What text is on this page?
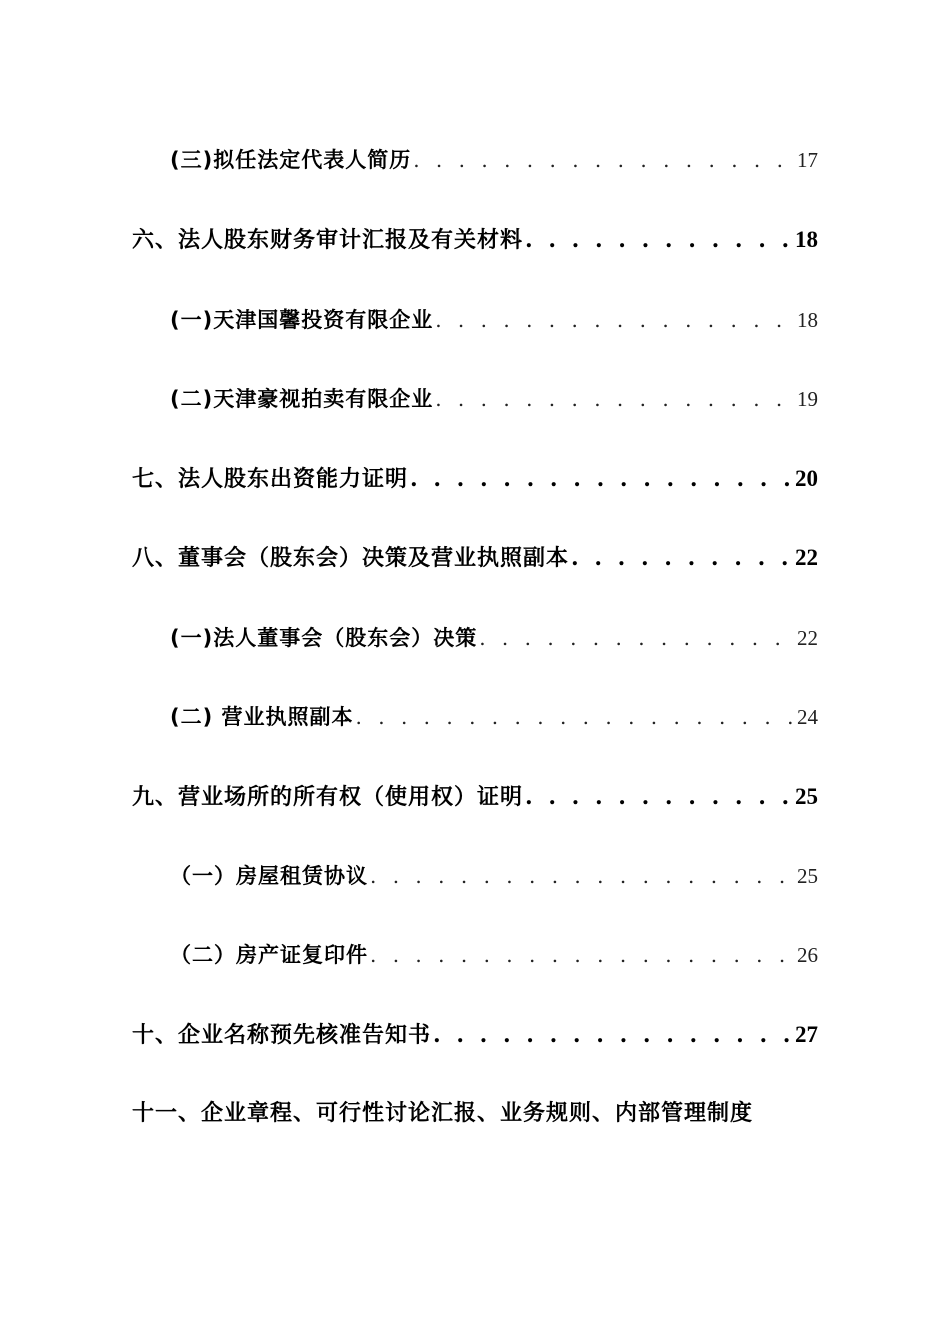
(三)拟任法定代表人简历 . . .	17
六、法人股东财务审计汇报及有关材料 . . .	18
(一)天津国馨投资有限企业 . . .	18
(二)天津豪视拍卖有限企业 . . .	19
七、法人股东出资能力证明 . . .	20
八、董事会（股东会）决策及营业执照副本 . . .	22
(一)法人董事会（股东会）决策 . . .	22
(二) 营业执照副本 . . .	24
九、营业场所的所有权（使用权）证明 . . .	25
（一）房屋租赁协议 . . .	25
（二）房产证复印件 . . .	26
十、企业名称预先核准告知书 . . .	27
十一、企业章程、可行性讨论汇报、业务规则、内部管理制度
